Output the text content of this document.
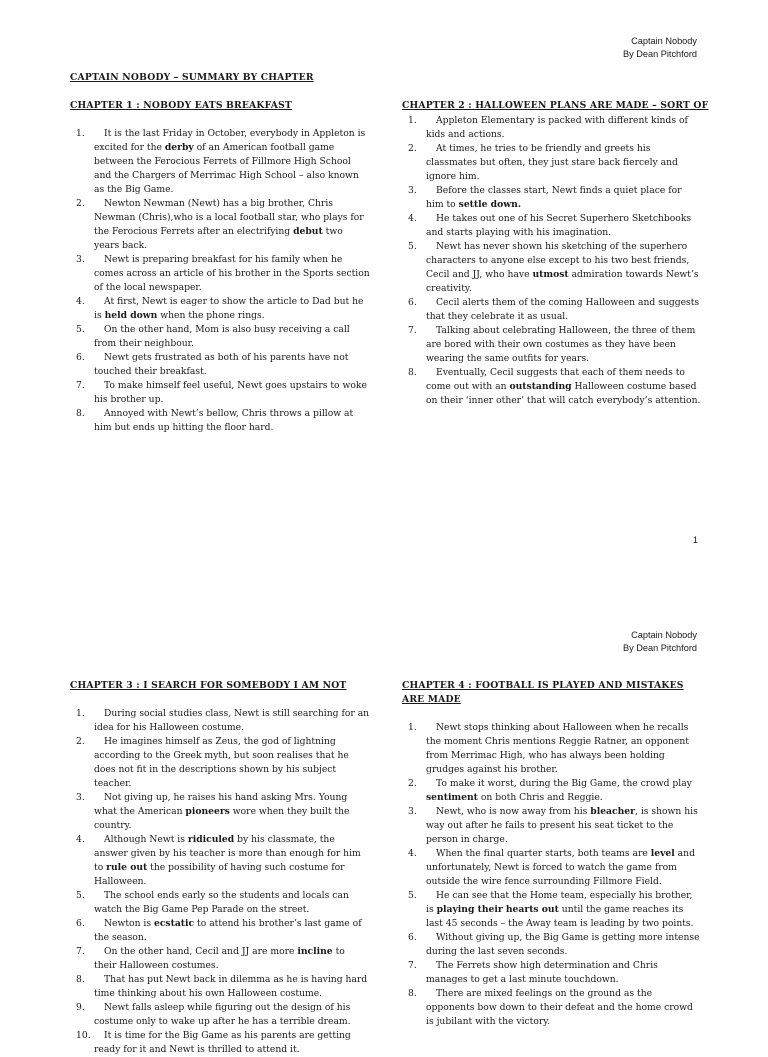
Captain Nobody
By Dean Pitchford
CAPTAIN NOBODY – SUMMARY BY CHAPTER
CHAPTER 1 : NOBODY EATS BREAKFAST
1.	It is the last Friday in October, everybody in Appleton is excited for the derby of an American football game between the Ferocious Ferrets of Fillmore High School and the Chargers of Merrimac High School – also known as the Big Game.
2.	Newton Newman (Newt) has a big brother, Chris Newman (Chris),who is a local football star, who plays for the Ferocious Ferrets after an electrifying debut two years back.
3.	Newt is preparing breakfast for his family when he comes across an article of his brother in the Sports section of the local newspaper.
4.	At first, Newt is eager to show the article to Dad but he is held down when the phone rings.
5.	On the other hand, Mom is also busy receiving a call from their neighbour.
6.	Newt gets frustrated as both of his parents have not touched their breakfast.
7.	To make himself feel useful, Newt goes upstairs to woke his brother up.
8.	Annoyed with Newt’s bellow, Chris throws a pillow at him but ends up hitting the floor hard.
CHAPTER 2 : HALLOWEEN PLANS ARE MADE – SORT OF
1.	Appleton Elementary is packed with different kinds of kids and actions.
2.	At times, he tries to be friendly and greets his classmates but often, they just stare back fiercely and ignore him.
3.	Before the classes start, Newt finds a quiet place for him to settle down.
4.	He takes out one of his Secret Superhero Sketchbooks and starts playing with his imagination.
5.	Newt has never shown his sketching of the superhero characters to anyone else except to his two best friends, Cecil and JJ, who have utmost admiration towards Newt’s creativity.
6.	Cecil alerts them of the coming Halloween and suggests that they celebrate it as usual.
7.	Talking about celebrating Halloween, the three of them are bored with their own costumes as they have been wearing the same outfits for years.
8.	Eventually, Cecil suggests that each of them needs to come out with an outstanding Halloween costume based on their ‘inner other’ that will catch everybody’s attention.
1
Captain Nobody
By Dean Pitchford
CHAPTER 3 : I SEARCH FOR SOMEBODY I AM NOT
1.	During social studies class, Newt is still searching for an idea for his Halloween costume.
2.	He imagines himself as Zeus, the god of lightning according to the Greek myth, but soon realises that he does not fit in the descriptions shown by his subject teacher.
3.	Not giving up, he raises his hand asking Mrs. Young what the American pioneers wore when they built the country.
4.	Although Newt is ridiculed by his classmate, the answer given by his teacher is more than enough for him to rule out the possibility of having such costume for Halloween.
5.	The school ends early so the students and locals can watch the Big Game Pep Parade on the street.
6.	Newton is ecstatic to attend his brother’s last game of the season.
7.	On the other hand, Cecil and JJ are more incline to their Halloween costumes.
8.	That has put Newt back in dilemma as he is having hard time thinking about his own Halloween costume.
9.	Newt falls asleep while figuring out the design of his costume only to wake up after he has a terrible dream.
10.	It is time for the Big Game as his parents are getting ready for it and Newt is thrilled to attend it.
CHAPTER 4 : FOOTBALL IS PLAYED AND MISTAKES ARE MADE
1.	Newt stops thinking about Halloween when he recalls the moment Chris mentions Reggie Ratner, an opponent from Merrimac High, who has always been holding grudges against his brother.
2.	To make it worst, during the Big Game, the crowd play sentiment on both Chris and Reggie.
3.	Newt, who is now away from his bleacher, is shown his way out after he fails to present his seat ticket to the person in charge.
4.	When the final quarter starts, both teams are level and unfortunately, Newt is forced to watch the game from outside the wire fence surrounding Fillmore Field.
5.	He can see that the Home team, especially his brother, is playing their hearts out until the game reaches its last 45 seconds – the Away team is leading by two points.
6.	Without giving up, the Big Game is getting more intense during the last seven seconds.
7.	The Ferrets show high determination and Chris manages to get a last minute touchdown.
8.	There are mixed feelings on the ground as the opponents bow down to their defeat and the home crowd is jubilant with the victory.
